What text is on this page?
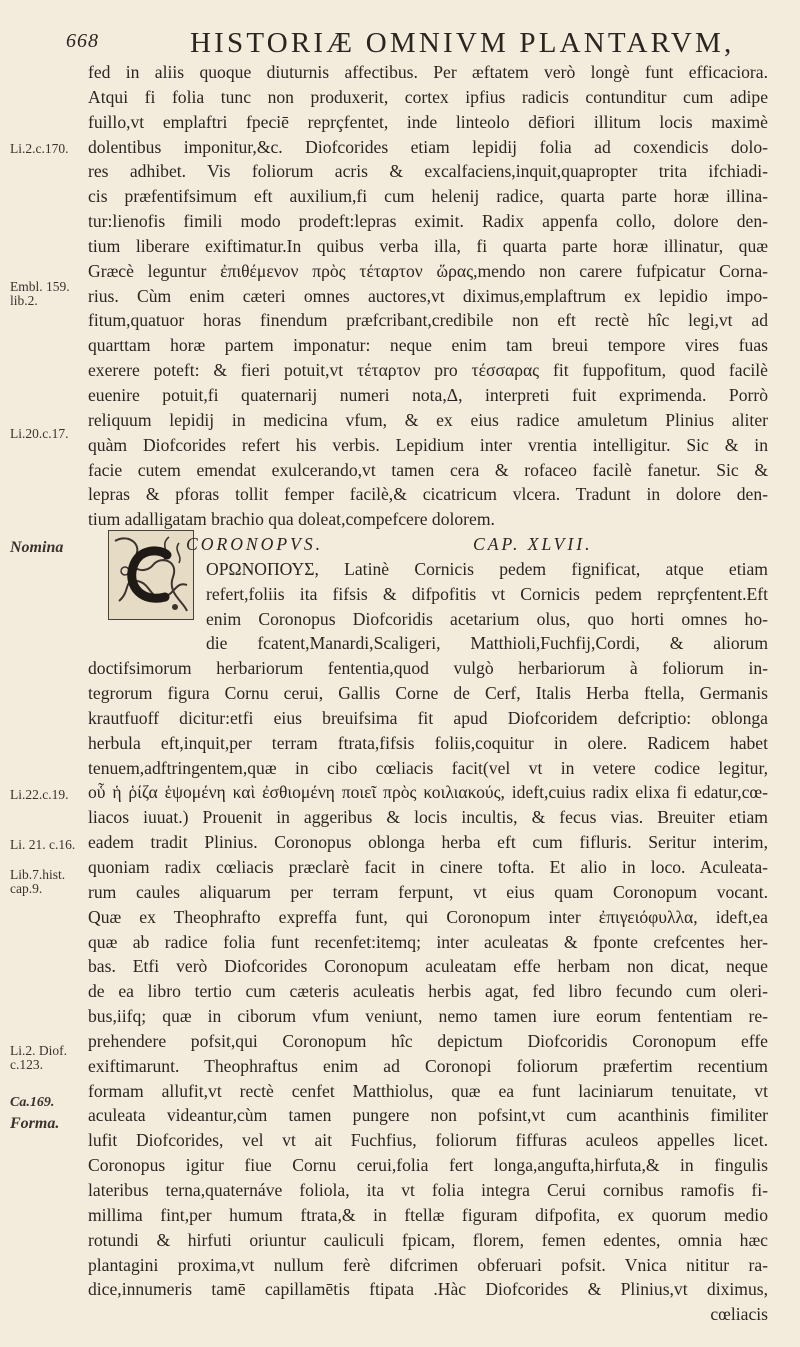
668	HISTORIÆ OMNIVM PLANTARVM,
Li.2.c.170.
Embl. 159. lib.2.
Li.20.c.17.
Nomina
Li.22.c.19.
Li. 21. c.16.
Lib.7.hist. cap.9.
Li.2. Diof. c.123.
Ca.169.
Forma.
fed in aliis quoque diuturnis affectibus. Per æftatem verò longè funt efficaciora.
Atqui fi folia tunc non produxerit, cortex ipfius radicis contunditur cum adipe
fuillo,vt emplaftri fpeciē reprçfentet, inde linteolo dēfiori illitum locis maximè
dolentibus imponitur,&c. Diofcorides etiam lepidij folia ad coxendicis dolo-
res adhibet. Vis foliorum acris & excalfaciens,inquit,quapropter trita ifchiadi-
cis præfentifsimum eft auxilium,fi cum helenij radice, quarta parte horæ illina-
tur:lienofis fimili modo prodeft:lepras eximit. Radix appenfa collo, dolore den-
tium liberare exiftimatur.In quibus verba illa, fi quarta parte horæ illinatur, quæ
Græcè leguntur ἐπιθέμενον πρὸς τέταρτον ὥρας,mendo non carere fufpicatur Corna-
rius. Cùm enim cæteri omnes auctores,vt diximus,emplaftrum ex lepidio impo-
fitum,quatuor horas finendum præfcribant,credibile non eft rectè hîc legi,vt ad
quarttam horæ partem imponatur: neque enim tam breui tempore vires fuas
exerere poteft: & fieri potuit,vt τέταρτον pro τέσσαρας fit fuppofitum, quod facilè
euenire potuit,fi quaternarij numeri nota,Δ, interpreti fuit exprimenda. Porrò
reliquum lepidij in medicina vfum, & ex eius radice amuletum Plinius aliter
quàm Diofcorides refert his verbis. Lepidium inter vrentia intelligitur. Sic & in
facie cutem emendat exulcerando,vt tamen cera & rofaceo facilè fanetur. Sic &
lepras & pforas tollit femper facilè,& cicatricum vlcera. Tradunt in dolore den-
tium adalligatam brachio qua doleat,compefcere dolorem.
CORONOPVS.	CAP. XLVII.
ΟΡΩΝΟΠΟΥΣ, Latinè Cornicis pedem fignificat, atque etiam
refert,foliis ita fifsis & difpofitis vt Cornicis pedem reprçfentent.Eft
enim Coronopus Diofcoridis acetarium olus, quo horti omnes ho-
die fcatent,Manardi,Scaligeri, Matthioli,Fuchfij,Cordi, & aliorum
doctifsimorum herbariorum fententia,quod vulgò herbariorum à foliorum in-
tegrorum figura Cornu cerui, Gallis Corne de Cerf, Italis Herba ftella, Germanis
krautfuoff dicitur:etfi eius breuifsima fit apud Diofcoridem defcriptio: oblonga
herbula eft,inquit,per terram ftrata,fifsis foliis,coquitur in olere. Radicem habet
tenuem,adftringentem,quæ in cibo cœliacis facit(vel vt in vetere codice legitur,
οὗ ἡ ῥίζα ἑψομένη καὶ ἐσθιομένη ποιεῖ πρὸς κοιλιακούς, ideft,cuius radix elixa fi edatur,cœ-
liacos iuuat.) Prouenit in aggeribus & locis incultis, & fecus vias. Breuiter etiam
eadem tradit Plinius. Coronopus oblonga herba eft cum fifluris. Seritur interim,
quoniam radix cœliacis præclarè facit in cinere tofta. Et alio in loco. Aculeata-
rum caules aliquarum per terram ferpunt, vt eius quam Coronopum vocant.
Quæ ex Theophrafto expreffa funt, qui Coronopum inter ἐπιγειόφυλλα, ideft,ea
quæ ab radice folia funt recenfet:itemq; inter aculeatas & fponte crefcentes her-
bas. Etfi verò Diofcorides Coronopum aculeatam effe herbam non dicat, neque
de ea libro tertio cum cæteris aculeatis herbis agat, fed libro fecundo cum oleri-
bus,iifq; quæ in ciborum vfum veniunt, nemo tamen iure eorum fententiam re-
prehendere pofsit,qui Coronopum hîc depictum Diofcoridis Coronopum effe
exiftimarunt. Theophraftus enim ad Coronopi foliorum præfertim recentium
formam allufit,vt rectè cenfet Matthiolus, quæ ea funt laciniarum tenuitate, vt
aculeata videantur,cùm tamen pungere non pofsint,vt cum acanthinis fimiliter
lufit Diofcorides, vel vt ait Fuchfius, foliorum fiffuras aculeos appelles licet.
Coronopus igitur fiue Cornu cerui,folia fert longa,angufta,hirfuta,& in fingulis
lateribus terna,quaternáve foliola, ita vt folia integra Cerui cornibus ramofis fi-
millima fint,per humum ftrata,& in ftellæ figuram difpofita, ex quorum medio
rotundi & hirfuti oriuntur cauliculi fpicam, florem, femen edentes, omnia hæc
plantagini proxima,vt nullum ferè difcrimen obferuari pofsit. Vnica nititur ra-
dice,innumeris tamē capillamētis ftipata .Hàc Diofcorides & Plinius,vt diximus,
cœliacis
